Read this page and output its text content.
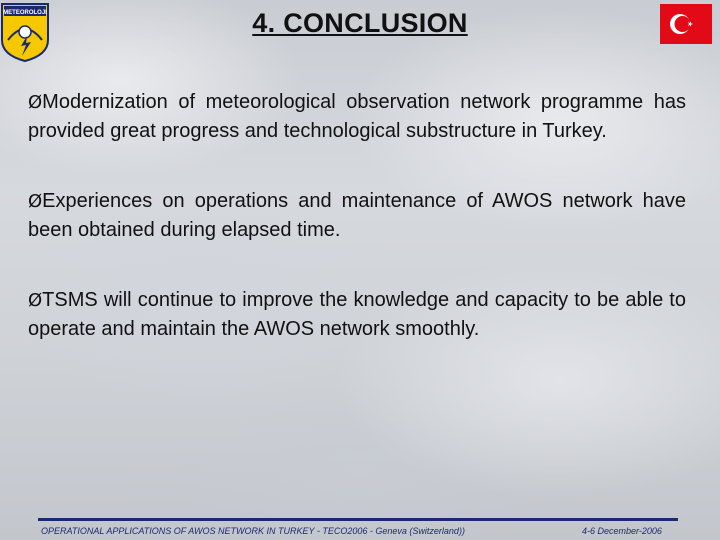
METEOROLOJI	4. CONCLUSION

ØModernization of meteorological observation network programme has provided great progress and technological substructure in Turkey.

ØExperiences on operations and maintenance of AWOS network have been obtained during elapsed time.

ØTSMS will continue to improve the knowledge and capacity to be able to operate and maintain the AWOS network smoothly.

OPERATIONAL APPLICATIONS OF AWOS NETWORK IN TURKEY - TECO2006 - Geneva (Switzerland))	4-6 December-2006
